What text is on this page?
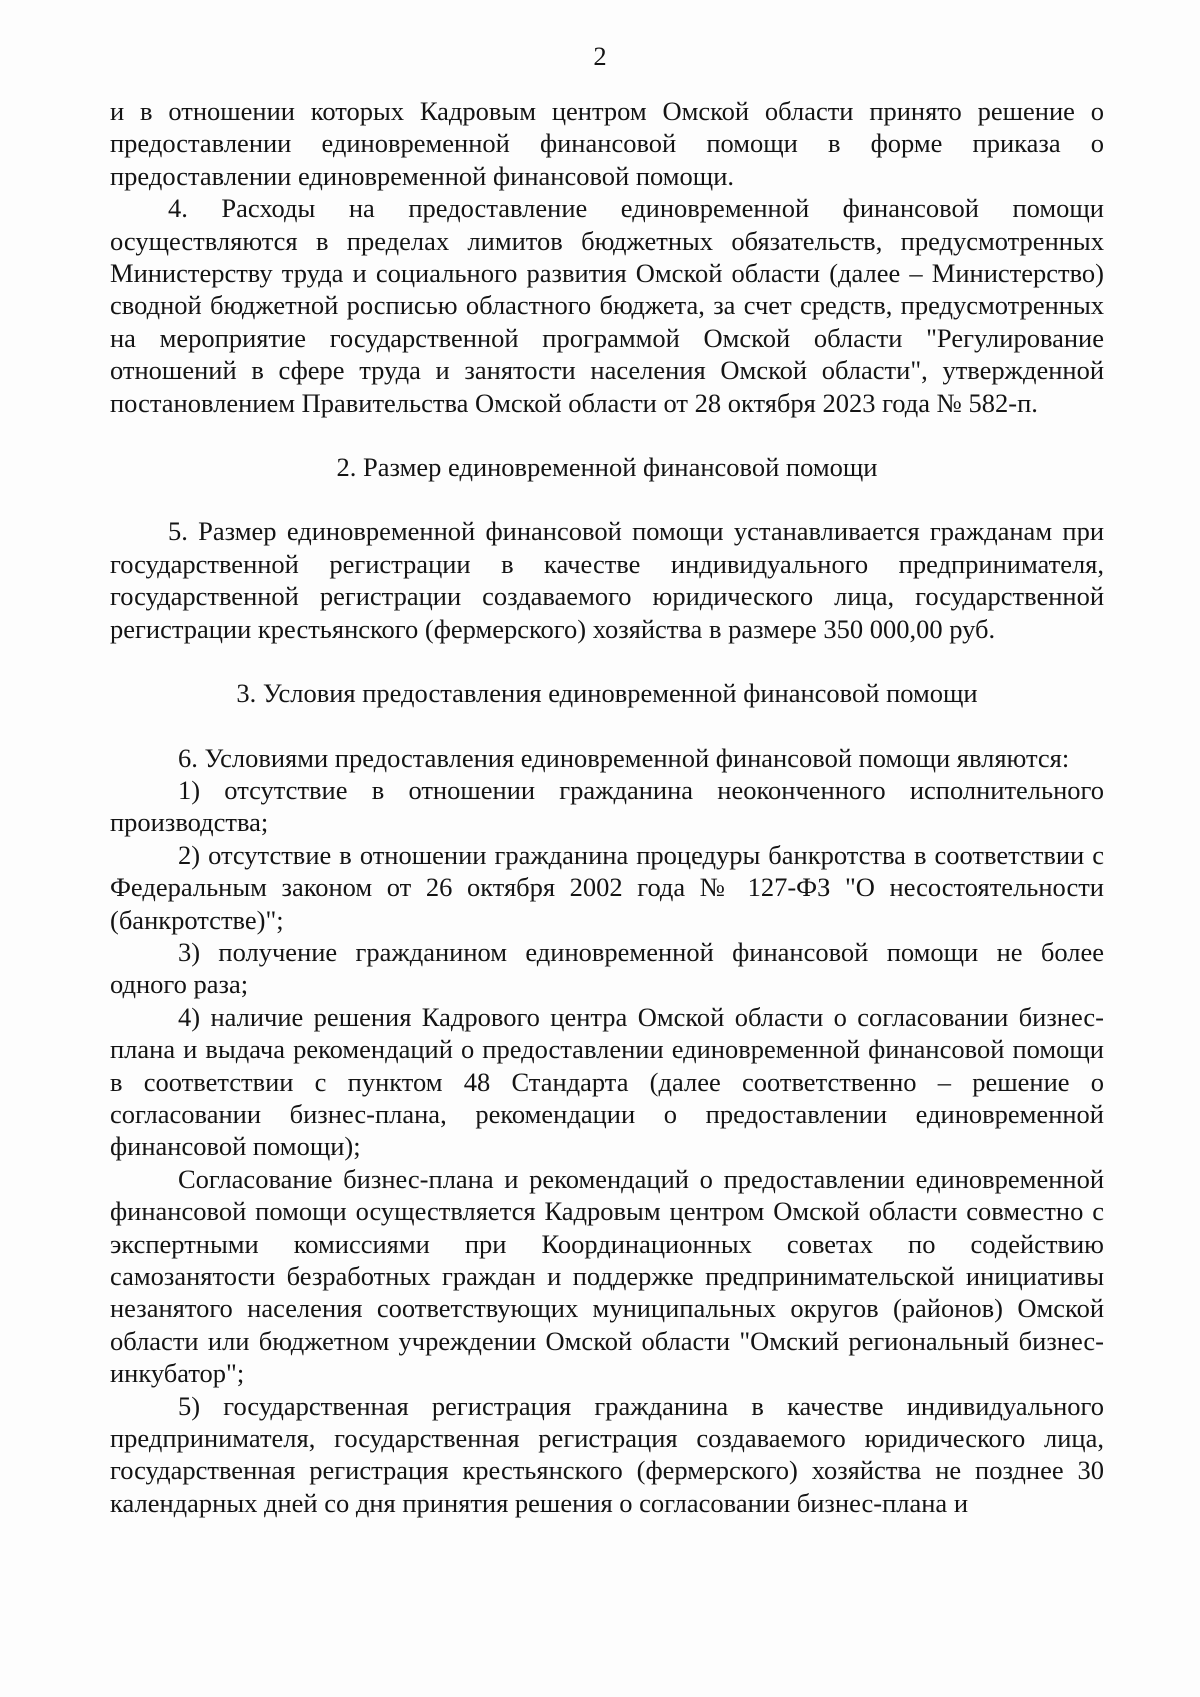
2

и в отношении которых Кадровым центром Омской области принято решение о предоставлении единовременной финансовой помощи в форме приказа о предоставлении единовременной финансовой помощи.

4. Расходы на предоставление единовременной финансовой помощи осуществляются в пределах лимитов бюджетных обязательств, предусмотренных Министерству труда и социального развития Омской области (далее – Министерство) сводной бюджетной росписью областного бюджета, за счет средств, предусмотренных на мероприятие государственной программой Омской области "Регулирование отношений в сфере труда и занятости населения Омской области", утвержденной постановлением Правительства Омской области от 28 октября 2023 года № 582-п.

2. Размер единовременной финансовой помощи

5. Размер единовременной финансовой помощи устанавливается гражданам при государственной регистрации в качестве индивидуального предпринимателя, государственной регистрации создаваемого юридического лица, государственной регистрации крестьянского (фермерского) хозяйства в размере 350 000,00 руб.

3. Условия предоставления единовременной финансовой помощи

6. Условиями предоставления единовременной финансовой помощи являются:

1) отсутствие в отношении гражданина неоконченного исполнительного производства;

2) отсутствие в отношении гражданина процедуры банкротства в соответствии с Федеральным законом от 26 октября 2002 года № 127-ФЗ "О несостоятельности (банкротстве)";

3) получение гражданином единовременной финансовой помощи не более одного раза;

4) наличие решения Кадрового центра Омской области о согласовании бизнес-плана и выдача рекомендаций о предоставлении единовременной финансовой помощи в соответствии с пунктом 48 Стандарта (далее соответственно – решение о согласовании бизнес-плана, рекомендации о предоставлении единовременной финансовой помощи);

Согласование бизнес-плана и рекомендаций о предоставлении единовременной финансовой помощи осуществляется Кадровым центром Омской области совместно с экспертными комиссиями при Координационных советах по содействию самозанятости безработных граждан и поддержке предпринимательской инициативы незанятого населения соответствующих муниципальных округов (районов) Омской области или бюджетном учреждении Омской области "Омский региональный бизнес-инкубатор";

5) государственная регистрация гражданина в качестве индивидуального предпринимателя, государственная регистрация создаваемого юридического лица, государственная регистрация крестьянского (фермерского) хозяйства не позднее 30 календарных дней со дня принятия решения о согласовании бизнес-плана и
